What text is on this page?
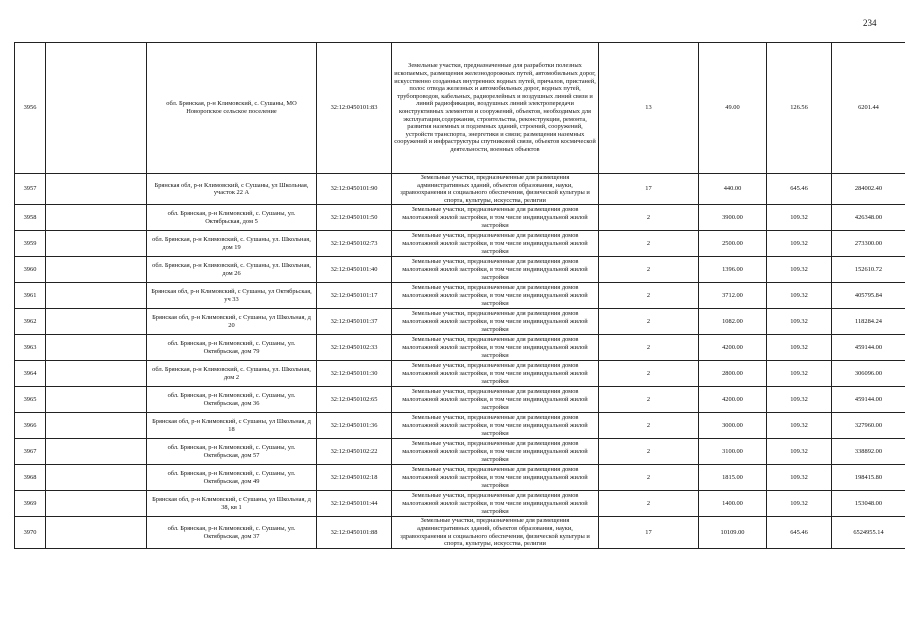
234
3956		обл. Брянская, р-н Климовский, с. Сушаны, МО Новоропское сельское поселение	32:12:0450101:83	Земельные участки, предназначенные для разработки полезных ископаемых, размещения железнодорожных путей, автомобильных дорог, искусственно созданных внутренних водных путей, причалов, пристаней, полос отвода железных и автомобильных дорог, водных путей, трубопроводов, кабельных, радиорелейных и воздушных линий связи и линий радиофикации, воздушных линий электропередачи конструктивных элементов и сооружений, объектов, необходимых для эксплуатации,содержания, строительства, реконструкции, ремонта, развития наземных и подземных зданий, строений, сооружений, устройств транспорта, энергетики и связи; размещения наземных сооружений и инфраструктуры спутниковой связи, объектов космической деятельности, военных объектов	13	49.00	126.56	6201.44
3957		Брянская обл, р-н Климовский, с Сушаны, ул Школьная, участок 22 А	32:12:0450101:90	Земельные участки, предназначенные для размещения административных зданий, объектов образования, науки, здравоохранения и социального обеспечения, физической культуры и спорта, культуры, искусства, религии	17	440.00	645.46	284002.40
3958		обл. Брянская, р-н Климовский, с. Сушаны, ул. Октябрьская, дом 5	32:12:0450101:50	Земельные участки, предназначенные для размещения домов малоэтажной жилой застройки, в том числе индивидуальной жилой застройки	2	3900.00	109.32	426348.00
3959		обл. Брянская, р-н Климовский, с. Сушаны, ул. Школьная, дом 19	32:12:0450102:73	Земельные участки, предназначенные для размещения домов малоэтажной жилой застройки, в том числе индивидуальной жилой застройки	2	2500.00	109.32	273300.00
3960		обл. Брянская, р-н Климовский, с. Сушаны, ул. Школьная, дом 26	32:12:0450101:40	Земельные участки, предназначенные для размещения домов малоэтажной жилой застройки, в том числе индивидуальной жилой застройки	2	1396.00	109.32	152610.72
3961		Брянская обл, р-н Климовский, с Сушаны, ул Октябрьская, уч 33	32:12:0450101:17	Земельные участки, предназначенные для размещения домов малоэтажной жилой застройки, в том числе индивидуальной жилой застройки	2	3712.00	109.32	405795.84
3962		Брянская обл, р-н Климовский, с Сушаны, ул Школьная, д 20	32:12:0450101:37	Земельные участки, предназначенные для размещения домов малоэтажной жилой застройки, в том числе индивидуальной жилой застройки	2	1082.00	109.32	118284.24
3963		обл. Брянская, р-н Климовский, с. Сушаны, ул. Октябрьская, дом 79	32:12:0450102:33	Земельные участки, предназначенные для размещения домов малоэтажной жилой застройки, в том числе индивидуальной жилой застройки	2	4200.00	109.32	459144.00
3964		обл. Брянская, р-н Климовский, с. Сушаны, ул. Школьная, дом 2	32:12:0450101:30	Земельные участки, предназначенные для размещения домов малоэтажной жилой застройки, в том числе индивидуальной жилой застройки	2	2800.00	109.32	306096.00
3965		обл. Брянская, р-н Климовский, с. Сушаны, ул. Октябрьская, дом 36	32:12:0450102:65	Земельные участки, предназначенные для размещения домов малоэтажной жилой застройки, в том числе индивидуальной жилой застройки	2	4200.00	109.32	459144.00
3966		Брянская обл, р-н Климовский, с Сушаны, ул Школьная, д 18	32:12:0450101:36	Земельные участки, предназначенные для размещения домов малоэтажной жилой застройки, в том числе индивидуальной жилой застройки	2	3000.00	109.32	327960.00
3967		обл. Брянская, р-н Климовский, с. Сушаны, ул. Октябрьская, дом 57	32:12:0450102:22	Земельные участки, предназначенные для размещения домов малоэтажной жилой застройки, в том числе индивидуальной жилой застройки	2	3100.00	109.32	338892.00
3968		обл. Брянская, р-н Климовский, с. Сушаны, ул. Октябрьская, дом 49	32:12:0450102:18	Земельные участки, предназначенные для размещения домов малоэтажной жилой застройки, в том числе индивидуальной жилой застройки	2	1815.00	109.32	198415.80
3969		Брянская обл, р-н Климовский, с Сушаны, ул Школьная, д 38, кв 1	32:12:0450101:44	Земельные участки, предназначенные для размещения домов малоэтажной жилой застройки, в том числе индивидуальной жилой застройки	2	1400.00	109.32	153048.00
3970		обл. Брянская, р-н Климовский, с. Сушаны, ул. Октябрьская, дом 37	32:12:0450101:88	Земельные участки, предназначенные для размещения административных зданий, объектов образования, науки, здравоохранения и социального обеспечения, физической культуры и спорта, культуры, искусства, религии	17	10109.00	645.46	6524955.14
